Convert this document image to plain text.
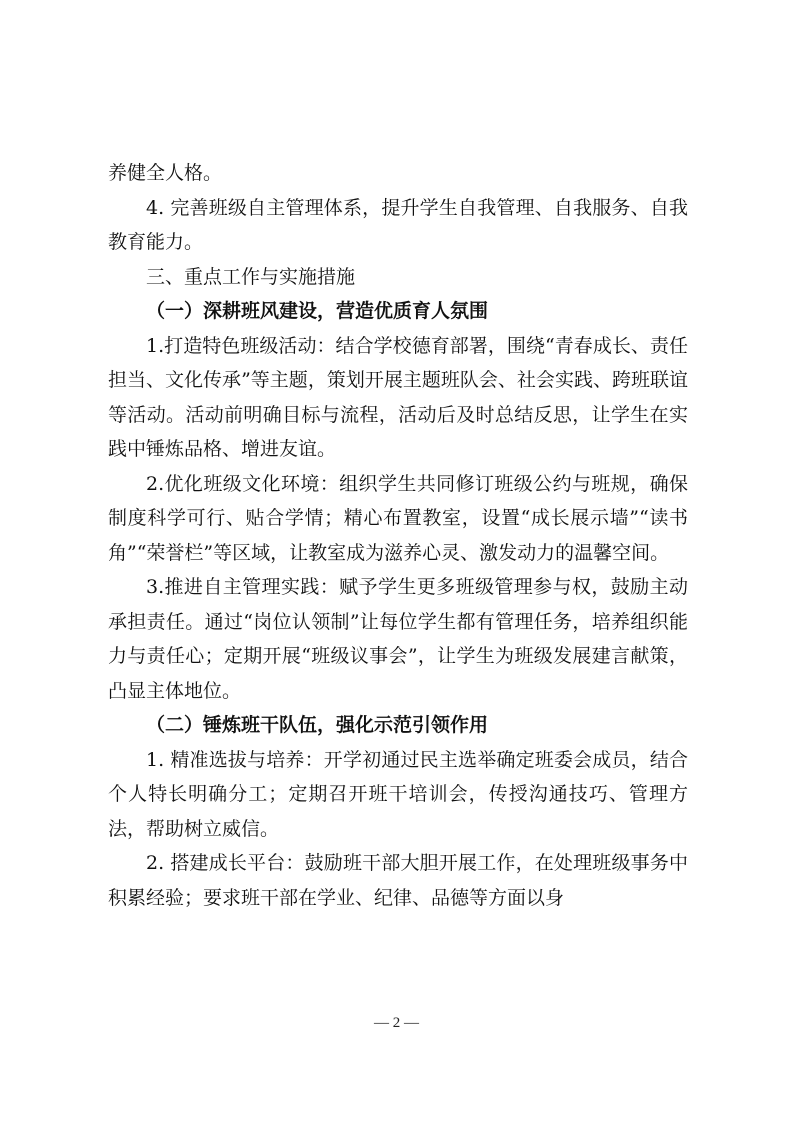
养健全人格。

4. 完善班级自主管理体系，提升学生自我管理、自我服务、自我教育能力。

三、重点工作与实施措施

（一）深耕班风建设，营造优质育人氛围

1.打造特色班级活动：结合学校德育部署，围绕“青春成长、责任担当、文化传承”等主题，策划开展主题班队会、社会实践、跨班联谊等活动。活动前明确目标与流程，活动后及时总结反思，让学生在实践中锤炼品格、增进友谊。

2.优化班级文化环境：组织学生共同修订班级公约与班规，确保制度科学可行、贴合学情；精心布置教室，设置“成长展示墙”“读书角”“荣誉栏”等区域，让教室成为滋养心灵、激发动力的温馨空间。

3.推进自主管理实践：赋予学生更多班级管理参与权，鼓励主动承担责任。通过“岗位认领制”让每位学生都有管理任务，培养组织能力与责任心；定期开展“班级议事会”，让学生为班级发展建言献策，凸显主体地位。

（二）锤炼班干队伍，强化示范引领作用

1. 精准选拔与培养：开学初通过民主选举确定班委会成员，结合个人特长明确分工；定期召开班干培训会，传授沟通技巧、管理方法，帮助树立威信。

2. 搭建成长平台：鼓励班干部大胆开展工作，在处理班级事务中积累经验；要求班干部在学业、纪律、品德等方面以身

— 2 —
